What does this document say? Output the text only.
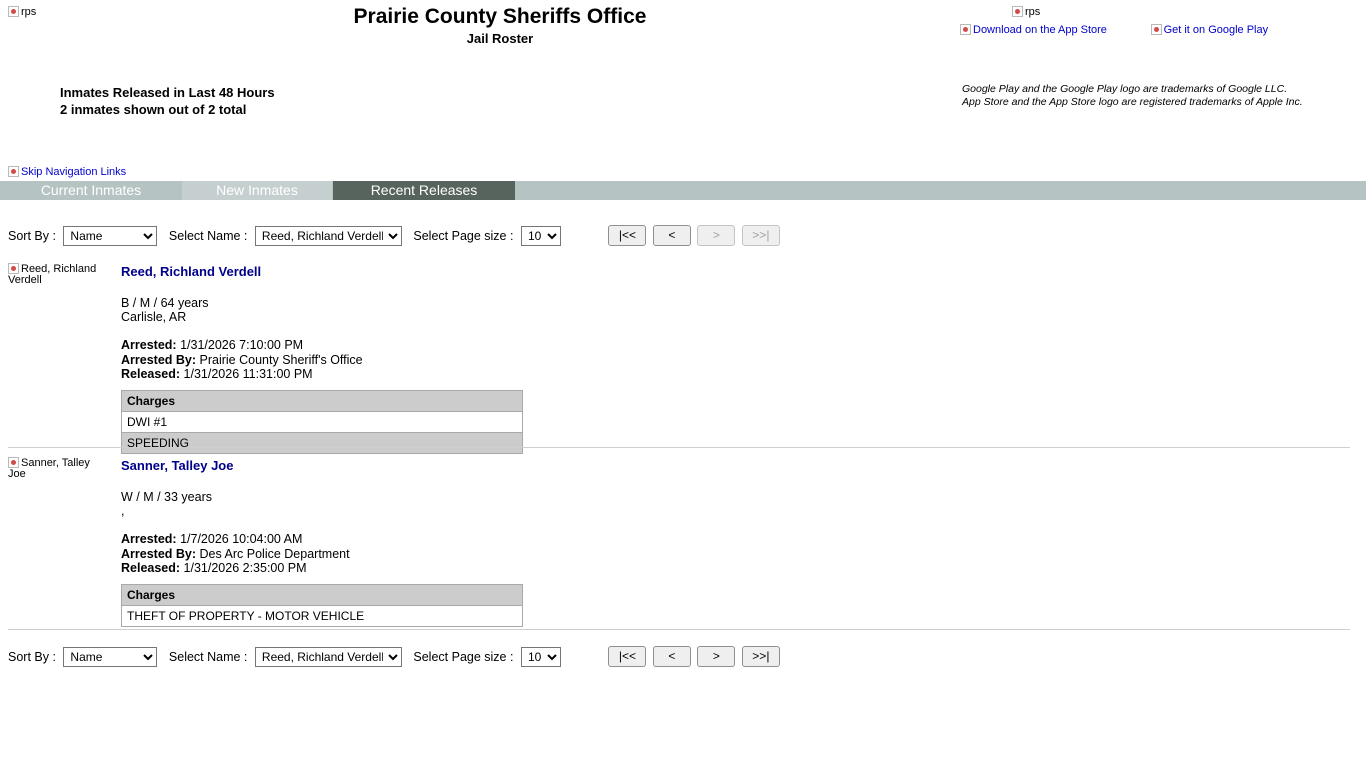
rps	Prairie County Sheriffs Office
Jail Roster
rps
Download on the App Store	Get it on Google Play
Google Play and the Google Play logo are trademarks of Google LLC.
App Store and the App Store logo are registered trademarks of Apple Inc.
Inmates Released in Last 48 Hours
2 inmates shown out of 2 total
Skip Navigation Links
Current Inmates	New Inmates	Recent Releases
Sort By :
Name	Select Name :
Reed, Richland Verdell	Select Page size :
10	|<<	<	>	>>|
Reed, Richland Verdell
Reed, Richland Verdell
B / M / 64 years
Carlisle, AR
Arrested: 1/31/2026 7:10:00 PM
Arrested By: Prairie County Sheriff's Office
Released: 1/31/2026 11:31:00 PM
Charges
DWI #1
SPEEDING
Sanner, Talley Joe
Sanner, Talley Joe
W / M / 33 years
,
Arrested: 1/7/2026 10:04:00 AM
Arrested By: Des Arc Police Department
Released: 1/31/2026 2:35:00 PM
Charges
THEFT OF PROPERTY - MOTOR VEHICLE
Sort By :
Name	Select Name :
Reed, Richland Verdell	Select Page size :
10	|<<	<	>	>>|
